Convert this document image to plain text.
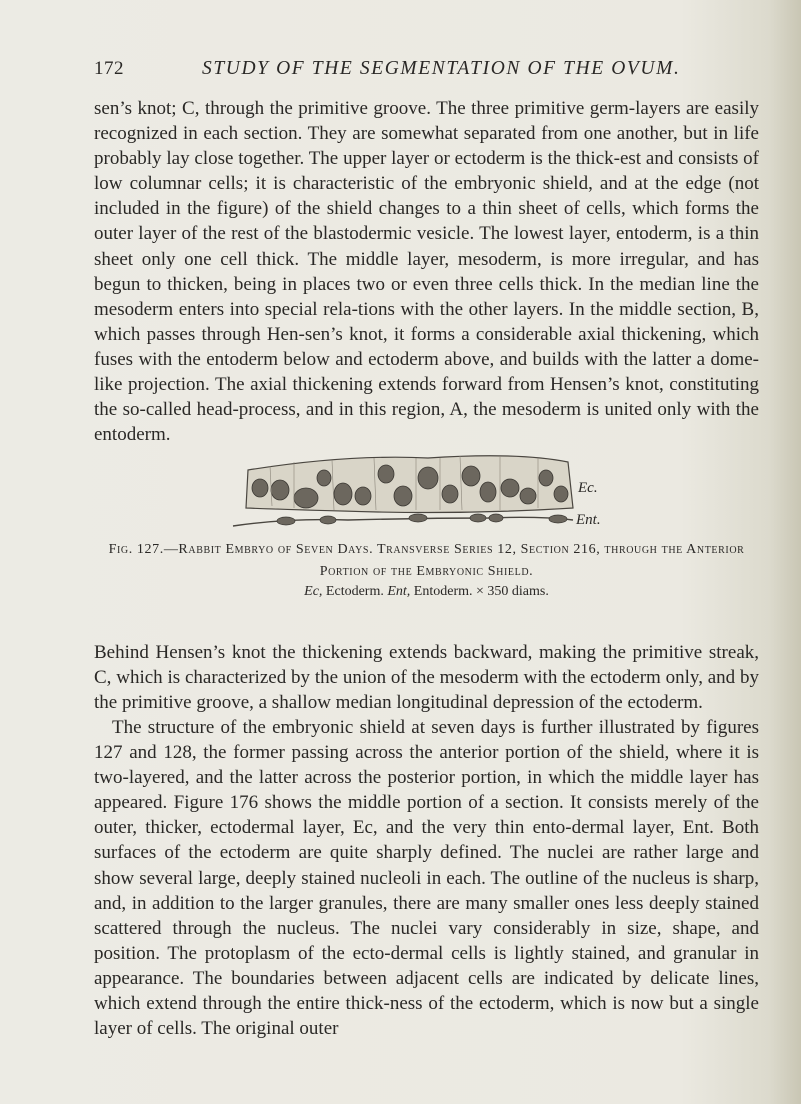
172	STUDY OF THE SEGMENTATION OF THE OVUM.

sen’s knot; C, through the primitive groove. The three primitive germ-layers are easily recognized in each section. They are somewhat separated from one another, but in life probably lay close together. The upper layer or ectoderm is the thick-est and consists of low columnar cells; it is characteristic of the embryonic shield, and at the edge (not included in the figure) of the shield changes to a thin sheet of cells, which forms the outer layer of the rest of the blastodermic vesicle. The lowest layer, entoderm, is a thin sheet only one cell thick. The middle layer, mesoderm, is more irregular, and has begun to thicken, being in places two or even three cells thick. In the median line the mesoderm enters into special rela-tions with the other layers. In the middle section, B, which passes through Hen-sen’s knot, it forms a considerable axial thickening, which fuses with the entoderm below and ectoderm above, and builds with the latter a dome-like projection. The axial thickening extends forward from Hensen’s knot, constituting the so-called head-process, and in this region, A, the mesoderm is united only with the entoderm.

Ec.
Ent.
Fig. 127.—Rabbit Embryo of Seven Days. Transverse Series 12, Section 216, through the Anterior Portion of the Embryonic Shield.
Ec, Ectoderm. Ent, Entoderm. × 350 diams.

Behind Hensen’s knot the thickening extends backward, making the primitive streak, C, which is characterized by the union of the mesoderm with the ectoderm only, and by the primitive groove, a shallow median longitudinal depression of the ectoderm.

The structure of the embryonic shield at seven days is further illustrated by figures 127 and 128, the former passing across the anterior portion of the shield, where it is two-layered, and the latter across the posterior portion, in which the middle layer has appeared. Figure 176 shows the middle portion of a section. It consists merely of the outer, thicker, ectodermal layer, Ec, and the very thin ento-dermal layer, Ent. Both surfaces of the ectoderm are quite sharply defined. The nuclei are rather large and show several large, deeply stained nucleoli in each. The outline of the nucleus is sharp, and, in addition to the larger granules, there are many smaller ones less deeply stained scattered through the nucleus. The nuclei vary considerably in size, shape, and position. The protoplasm of the ecto-dermal cells is lightly stained, and granular in appearance. The boundaries between adjacent cells are indicated by delicate lines, which extend through the entire thick-ness of the ectoderm, which is now but a single layer of cells. The original outer
